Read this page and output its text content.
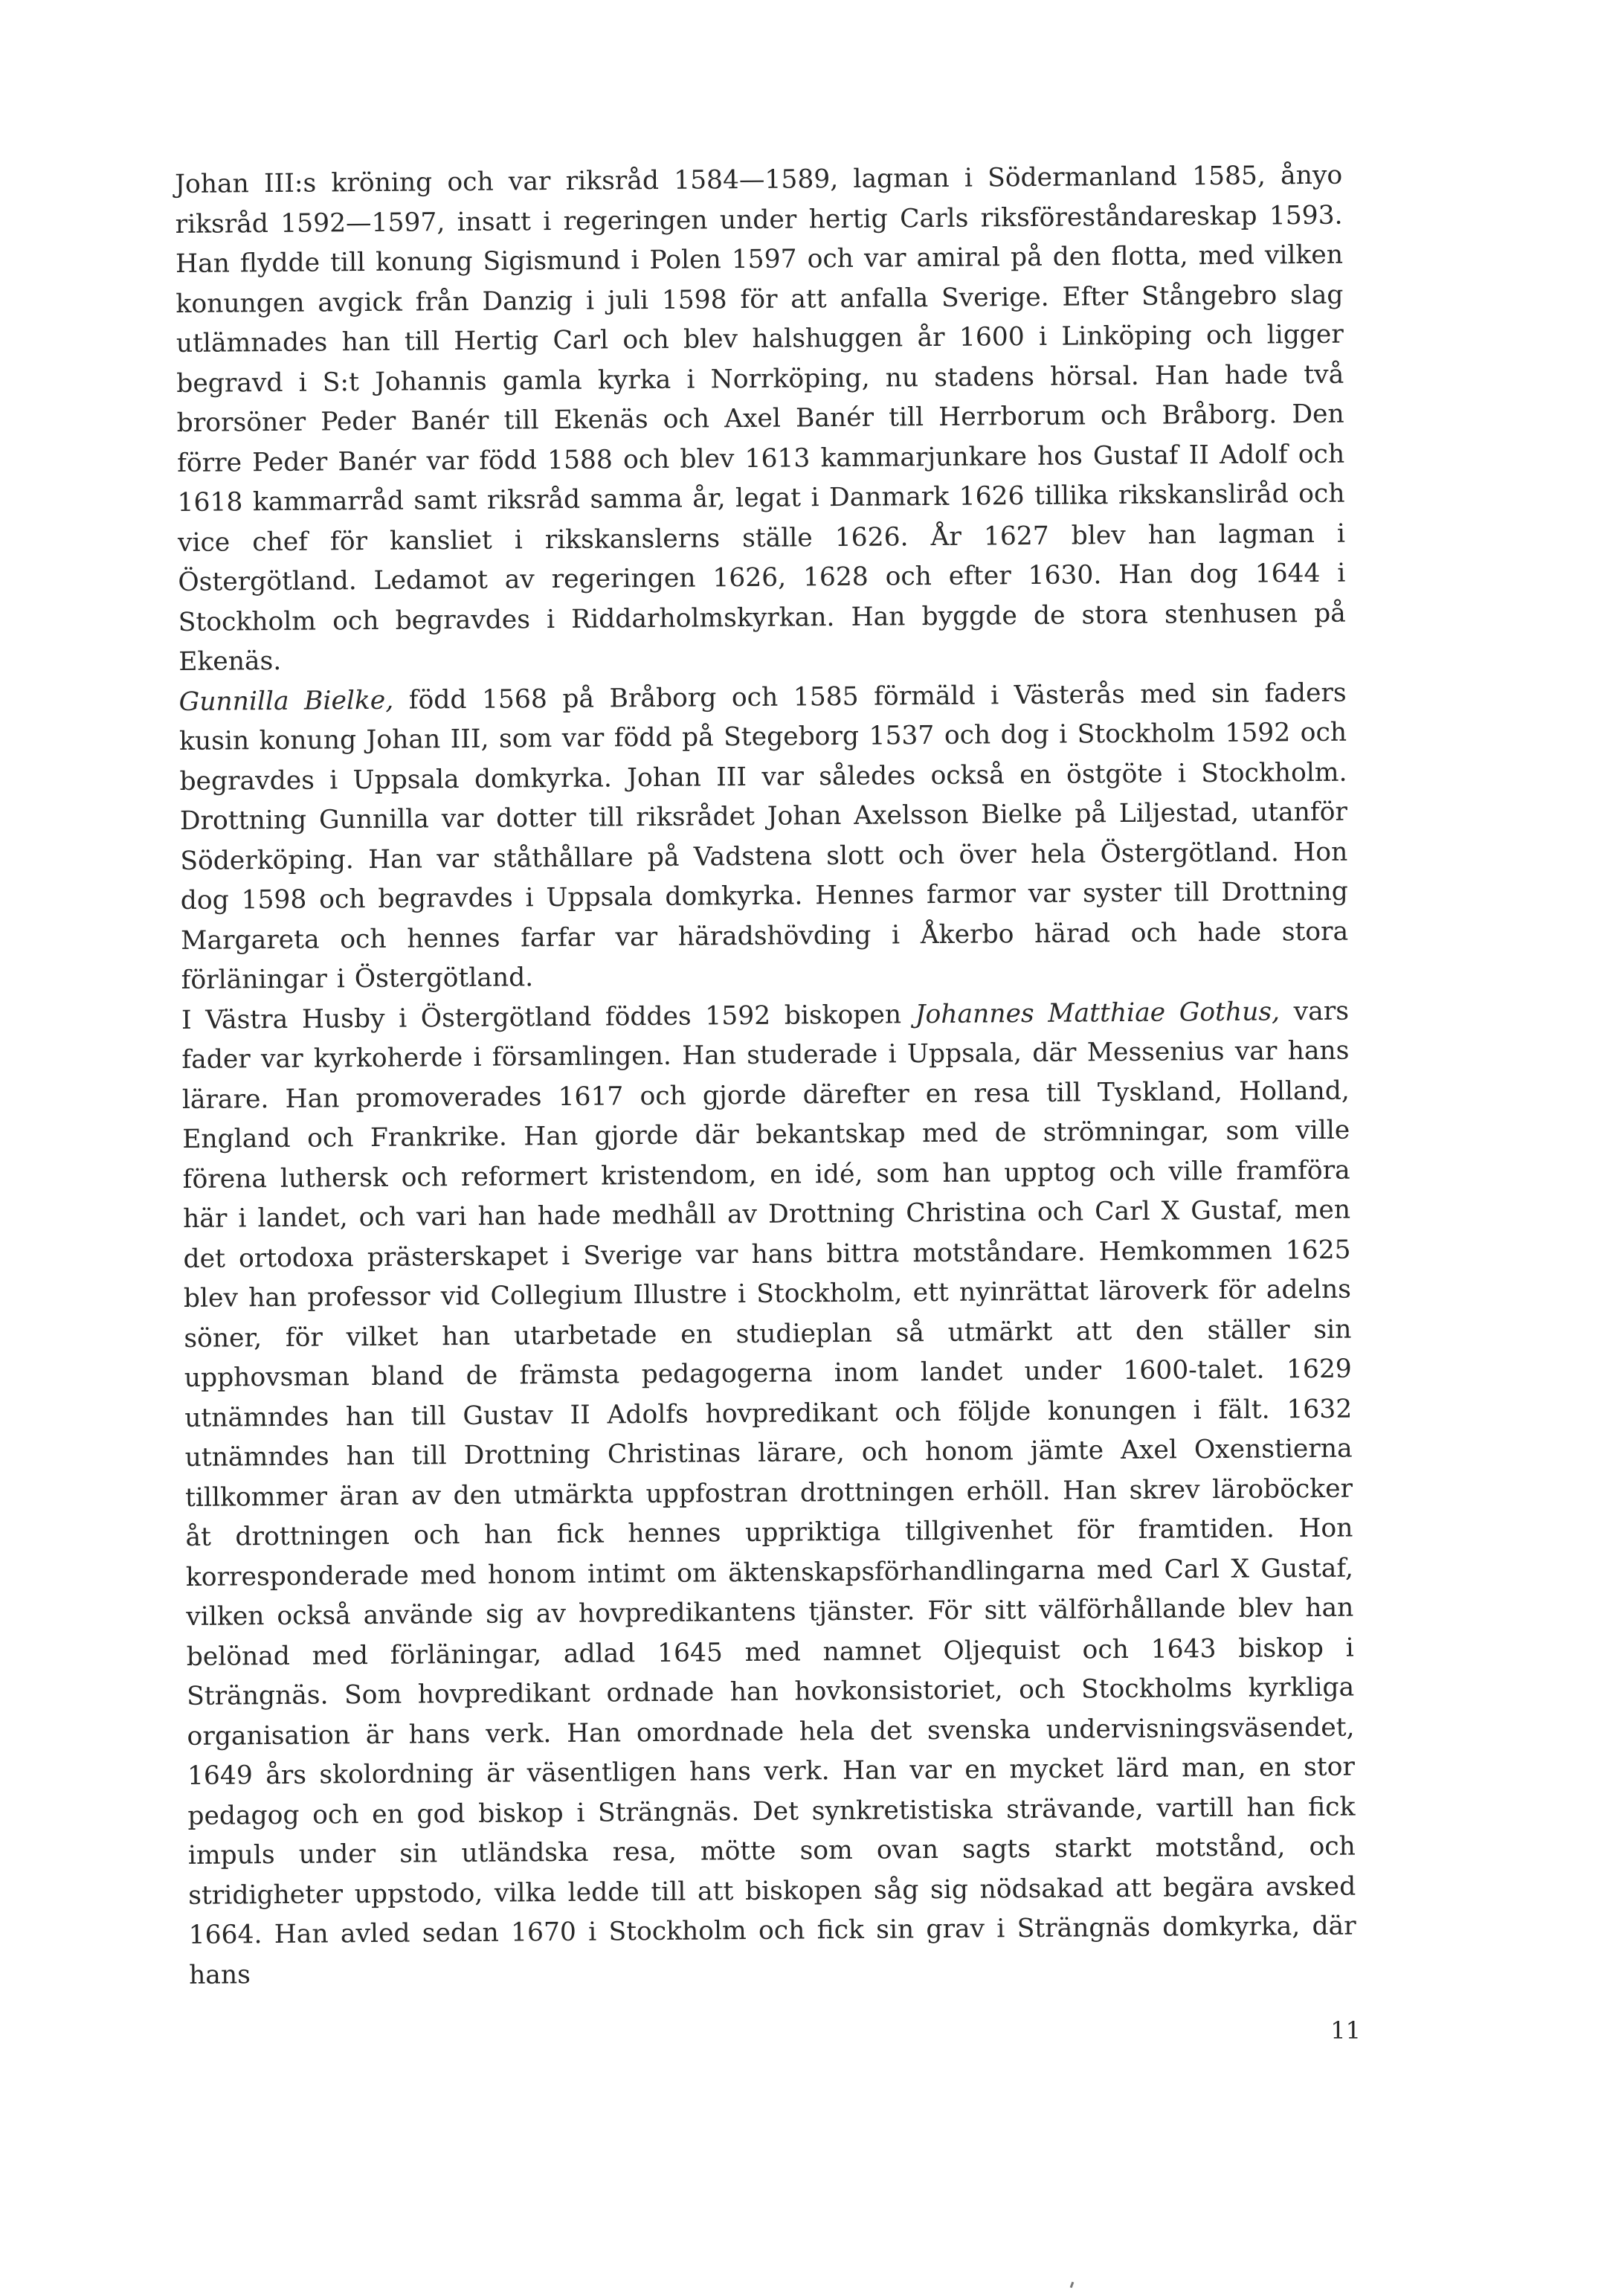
Johan III:s kröning och var riksråd 1584—1589, lagman i Södermanland 1585, ånyo riksråd 1592—1597, insatt i regeringen under hertig Carls riksföreståndareskap 1593. Han flydde till konung Sigismund i Polen 1597 och var amiral på den flotta, med vilken konungen avgick från Danzig i juli 1598 för att anfalla Sverige. Efter Stångebro slag utlämnades han till Hertig Carl och blev halshuggen år 1600 i Linköping och ligger begravd i S:t Johannis gamla kyrka i Norrköping, nu stadens hörsal. Han hade två brorsöner Peder Banér till Ekenäs och Axel Banér till Herrborum och Bråborg. Den förre Peder Banér var född 1588 och blev 1613 kammarjunkare hos Gustaf II Adolf och 1618 kammarråd samt riksråd samma år, legat i Danmark 1626 tillika rikskansliråd och vice chef för kansliet i rikskanslerns ställe 1626. År 1627 blev han lagman i Östergötland. Ledamot av regeringen 1626, 1628 och efter 1630. Han dog 1644 i Stockholm och begravdes i Riddarholmskyrkan. Han byggde de stora stenhusen på Ekenäs.

Gunnilla Bielke, född 1568 på Bråborg och 1585 förmäld i Västerås med sin faders kusin konung Johan III, som var född på Stegeborg 1537 och dog i Stockholm 1592 och begravdes i Uppsala domkyrka. Johan III var således också en östgöte i Stockholm. Drottning Gunnilla var dotter till riksrådet Johan Axelsson Bielke på Liljestad, utanför Söderköping. Han var ståthållare på Vadstena slott och över hela Östergötland. Hon dog 1598 och begravdes i Uppsala domkyrka. Hennes farmor var syster till Drottning Margareta och hennes farfar var häradshövding i Åkerbo härad och hade stora förläningar i Östergötland.

I Västra Husby i Östergötland föddes 1592 biskopen Johannes Matthiae Gothus, vars fader var kyrkoherde i församlingen. Han studerade i Uppsala, där Messenius var hans lärare. Han promoverades 1617 och gjorde därefter en resa till Tyskland, Holland, England och Frankrike. Han gjorde där bekantskap med de strömningar, som ville förena luthersk och reformert kristendom, en idé, som han upptog och ville framföra här i landet, och vari han hade medhåll av Drottning Christina och Carl X Gustaf, men det ortodoxa prästerskapet i Sverige var hans bittra motståndare. Hemkommen 1625 blev han professor vid Collegium Illustre i Stockholm, ett nyinrättat läroverk för adelns söner, för vilket han utarbetade en studieplan så utmärkt att den ställer sin upphovsman bland de främsta pedagogerna inom landet under 1600-talet. 1629 utnämndes han till Gustav II Adolfs hovpredikant och följde konungen i fält. 1632 utnämndes han till Drottning Christinas lärare, och honom jämte Axel Oxenstierna tillkommer äran av den utmärkta uppfostran drottningen erhöll. Han skrev läroböcker åt drottningen och han fick hennes uppriktiga tillgivenhet för framtiden. Hon korresponderade med honom intimt om äktenskapsförhandlingarna med Carl X Gustaf, vilken också använde sig av hovpredikantens tjänster. För sitt välförhållande blev han belönad med förläningar, adlad 1645 med namnet Oljequist och 1643 biskop i Strängnäs. Som hovpredikant ordnade han hovkonsistoriet, och Stockholms kyrkliga organisation är hans verk. Han omordnade hela det svenska undervisningsväsendet, 1649 års skolordning är väsentligen hans verk. Han var en mycket lärd man, en stor pedagog och en god biskop i Strängnäs. Det synkretistiska strävande, vartill han fick impuls under sin utländska resa, mötte som ovan sagts starkt motstånd, och stridigheter uppstodo, vilka ledde till att biskopen såg sig nödsakad att begära avsked 1664. Han avled sedan 1670 i Stockholm och fick sin grav i Strängnäs domkyrka, där hans

11
